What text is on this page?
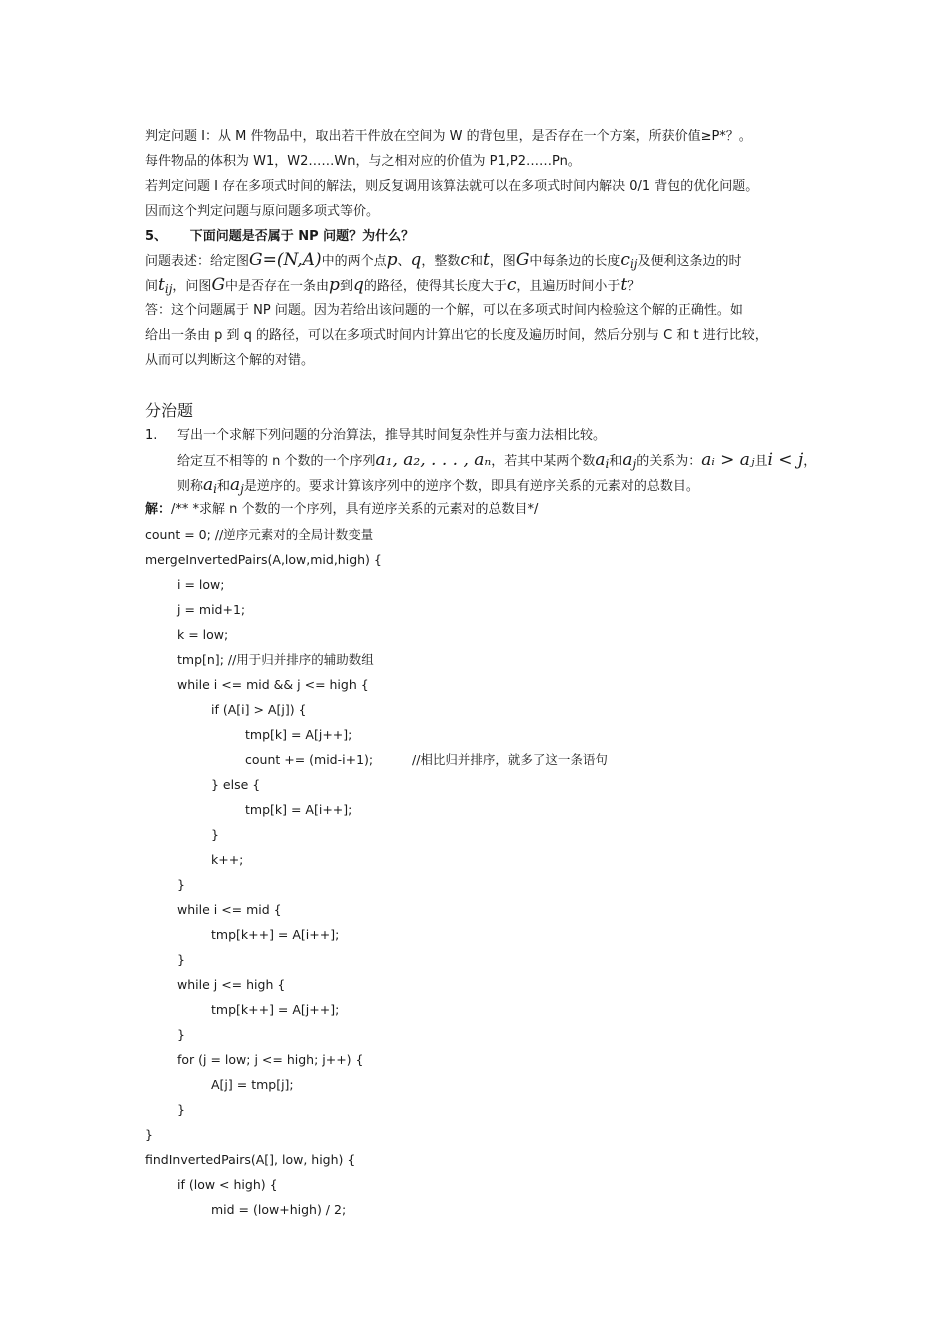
判定问题 I：从 M 件物品中，取出若干件放在空间为 W 的背包里，是否存在一个方案，所获价值≥P*？。
每件物品的体积为 W1，W2……Wn，与之相对应的价值为 P1,P2……Pn。
若判定问题 I 存在多项式时间的解法，则反复调用该算法就可以在多项式时间内解决 0/1 背包的优化问题。
因而这个判定问题与原问题多项式等价。
5、 下面问题是否属于 NP 问题？为什么？
问题表述：给定图G=(N,A)中的两个点p、q，整数c和t，图G中每条边的长度cij及便利这条边的时
间tij，问图G中是否存在一条由p到q的路径，使得其长度大于c，且遍历时间小于t？
答：这个问题属于 NP 问题。因为若给出该问题的一个解，可以在多项式时间内检验这个解的正确性。如
给出一条由 p 到 q 的路径，可以在多项式时间内计算出它的长度及遍历时间，然后分别与 C 和 t 进行比较，
从而可以判断这个解的对错。
分治题
1. 写出一个求解下列问题的分治算法，推导其时间复杂性并与蛮力法相比较。
给定互不相等的 n 个数的一个序列a₁, a₂, . . . , aₙ，若其中某两个数ai和aj的关系为：aᵢ > aⱼ且i < j，
则称ai和aj是逆序的。要求计算该序列中的逆序个数，即具有逆序关系的元素对的总数目。
解：/** *求解 n 个数的一个序列，具有逆序关系的元素对的总数目*/
count = 0; //逆序元素对的全局计数变量
mergeInvertedPairs(A,low,mid,high) {
i = low;
j = mid+1;
k = low;
tmp[n]; //用于归并排序的辅助数组
while i <= mid && j <= high {
if (A[i] > A[j]) {
tmp[k] = A[j++];
count += (mid-i+1);	//相比归并排序，就多了这一条语句
} else {
tmp[k] = A[i++];
}
k++;
}
while i <= mid {
tmp[k++] = A[i++];
}
while j <= high {
tmp[k++] = A[j++];
}
for (j = low; j <= high; j++) {
A[j] = tmp[j];
}
}
findInvertedPairs(A[], low, high) {
if (low < high) {
mid = (low+high) / 2;
